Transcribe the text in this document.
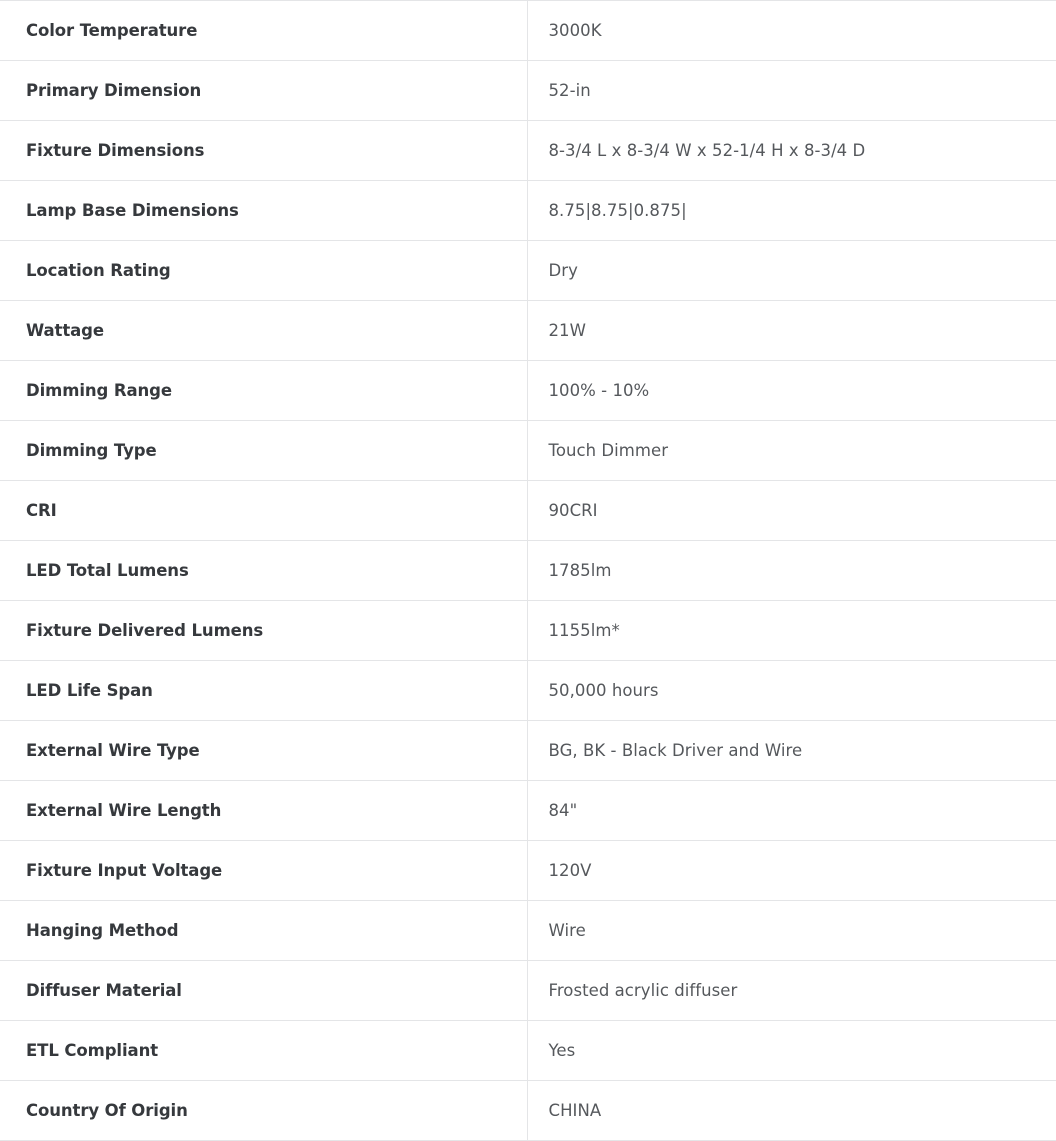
Color Temperature	3000K
Primary Dimension	52-in
Fixture Dimensions	8-3/4 L x 8-3/4 W x 52-1/4 H x 8-3/4 D
Lamp Base Dimensions	8.75|8.75|0.875|
Location Rating	Dry
Wattage	21W
Dimming Range	100% - 10%
Dimming Type	Touch Dimmer
CRI	90CRI
LED Total Lumens	1785lm
Fixture Delivered Lumens	1155lm*
LED Life Span	50,000 hours
External Wire Type	BG, BK - Black Driver and Wire
External Wire Length	84"
Fixture Input Voltage	120V
Hanging Method	Wire
Diffuser Material	Frosted acrylic diffuser
ETL Compliant	Yes
Country Of Origin	CHINA
